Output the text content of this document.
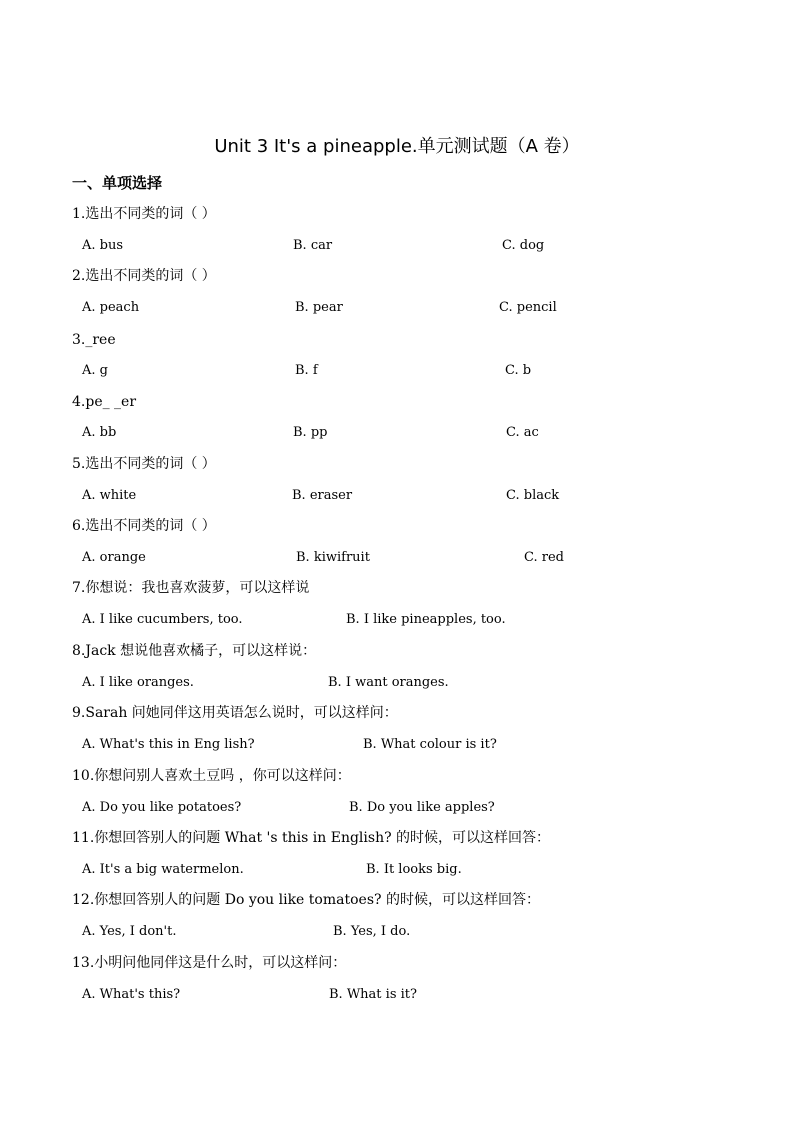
Unit 3 It's a pineapple.单元测试题（A 卷）
一、单项选择
1.选出不同类的词（ ）
A. bus	B. car	C. dog
2.选出不同类的词（ ）
A. peach	B. pear	C. pencil
3._ree
A. g	B. f	C. b
4.pe_ _er
A. bb	B. pp	C. ac
5.选出不同类的词（ ）
A. white	B. eraser	C. black
6.选出不同类的词（ ）
A. orange	B. kiwifruit	C. red
7.你想说：我也喜欢菠萝，可以这样说
A. I like cucumbers, too.	B. I like pineapples, too.
8.Jack 想说他喜欢橘子，可以这样说：
A. I like oranges.	B. I want oranges.
9.Sarah 问她同伴这用英语怎么说时，可以这样问：
A. What's this in Eng lish?	B. What colour is it?
10.你想问别人喜欢土豆吗 ，你可以这样问：
A. Do you like potatoes?	B. Do you like apples?
11.你想回答别人的问题 What 's this in English? 的时候，可以这样回答：
A. It's a big watermelon.	B. It looks big.
12.你想回答别人的问题 Do you like tomatoes? 的时候，可以这样回答：
A. Yes, I don't.	B. Yes, I do.
13.小明问他同伴这是什么时，可以这样问：
A. What's this?	B. What is it?
